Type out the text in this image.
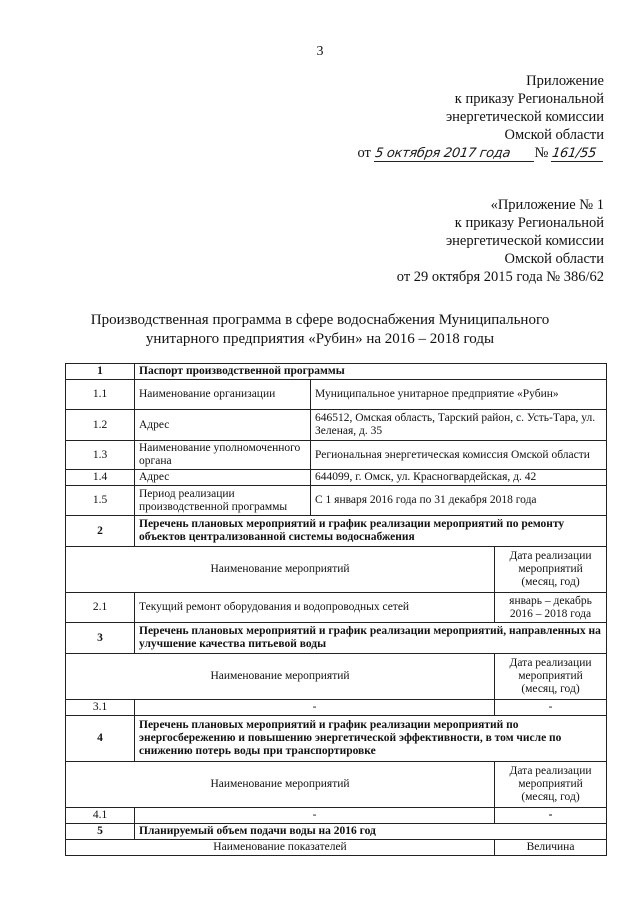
3
Приложение
к приказу Региональной
энергетической комиссии
Омской области
от 5 октября 2017 года № 161/55
«Приложение № 1
к приказу Региональной
энергетической комиссии
Омской области
от 29 октября 2015 года № 386/62
Производственная программа в сфере водоснабжения Муниципального
унитарного предприятия «Рубин» на 2016 – 2018 годы
1	Паспорт производственной программы		
1.1	Наименование организации	Муниципальное унитарное предприятие «Рубин»	
1.2	Адрес	646512, Омская область, Тарский район, с. Усть-Тара, ул. Зеленая, д. 35	
1.3	Наименование уполномоченного органа	Региональная энергетическая комиссия Омской области	
1.4	Адрес	644099, г. Омск, ул. Красногвардейская, д. 42	
1.5	Период реализации производственной программы	С 1 января 2016 года по 31 декабря 2018 года	
2	Перечень плановых мероприятий и график реализации мероприятий по ремонту объектов централизованной системы водоснабжения		
Наименование мероприятий			Дата реализации мероприятий (месяц, год)
2.1	Текущий ремонт оборудования и водопроводных сетей		январь – декабрь 2016 – 2018 года
3	Перечень плановых мероприятий и график реализации мероприятий, направленных на улучшение качества питьевой воды		
Наименование мероприятий			Дата реализации мероприятий (месяц, год)
3.1	-		-
4	Перечень плановых мероприятий и график реализации мероприятий по энергосбережению и повышению энергетической эффективности, в том числе по снижению потерь воды при транспортировке		
Наименование мероприятий			Дата реализации мероприятий (месяц, год)
4.1	-		-
5	Планируемый объем подачи воды на 2016 год		
Наименование показателей			Величина
